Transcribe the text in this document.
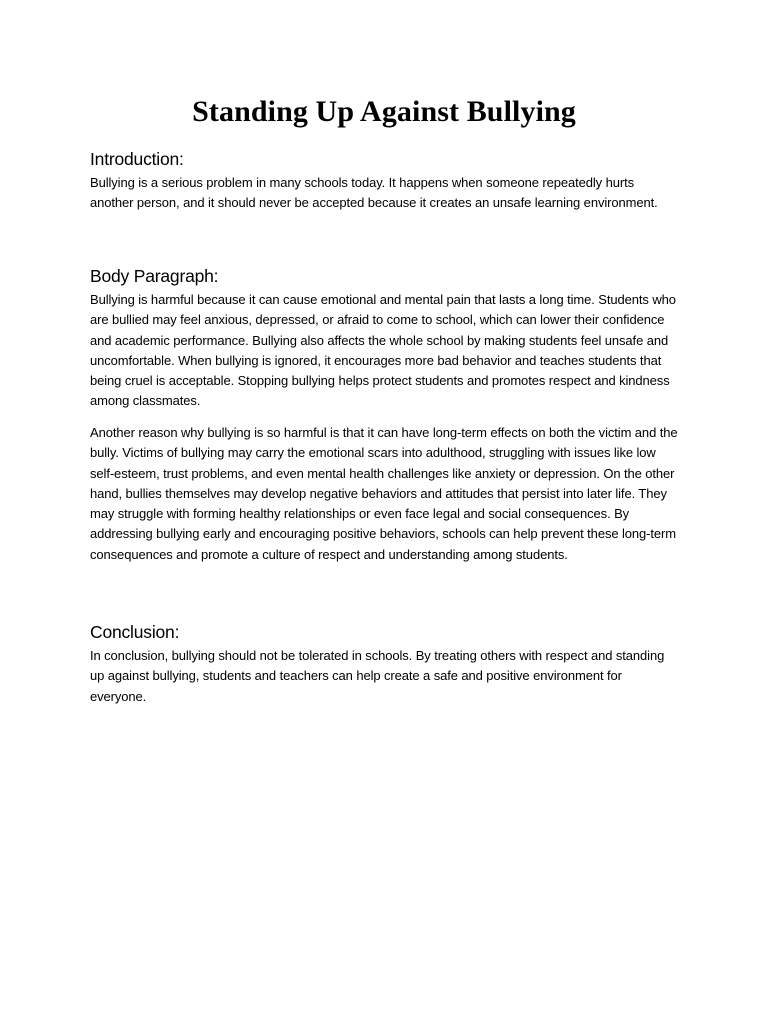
Standing Up Against Bullying
Introduction:

Bullying is a serious problem in many schools today. It happens when someone repeatedly hurts another person, and it should never be accepted because it creates an unsafe learning environment.

Body Paragraph:

Bullying is harmful because it can cause emotional and mental pain that lasts a long time. Students who are bullied may feel anxious, depressed, or afraid to come to school, which can lower their confidence and academic performance. Bullying also affects the whole school by making students feel unsafe and uncomfortable. When bullying is ignored, it encourages more bad behavior and teaches students that being cruel is acceptable. Stopping bullying helps protect students and promotes respect and kindness among classmates.

Another reason why bullying is so harmful is that it can have long-term effects on both the victim and the bully. Victims of bullying may carry the emotional scars into adulthood, struggling with issues like low self-esteem, trust problems, and even mental health challenges like anxiety or depression. On the other hand, bullies themselves may develop negative behaviors and attitudes that persist into later life. They may struggle with forming healthy relationships or even face legal and social consequences. By addressing bullying early and encouraging positive behaviors, schools can help prevent these long-term consequences and promote a culture of respect and understanding among students.

Conclusion:

In conclusion, bullying should not be tolerated in schools. By treating others with respect and standing up against bullying, students and teachers can help create a safe and positive environment for everyone.
